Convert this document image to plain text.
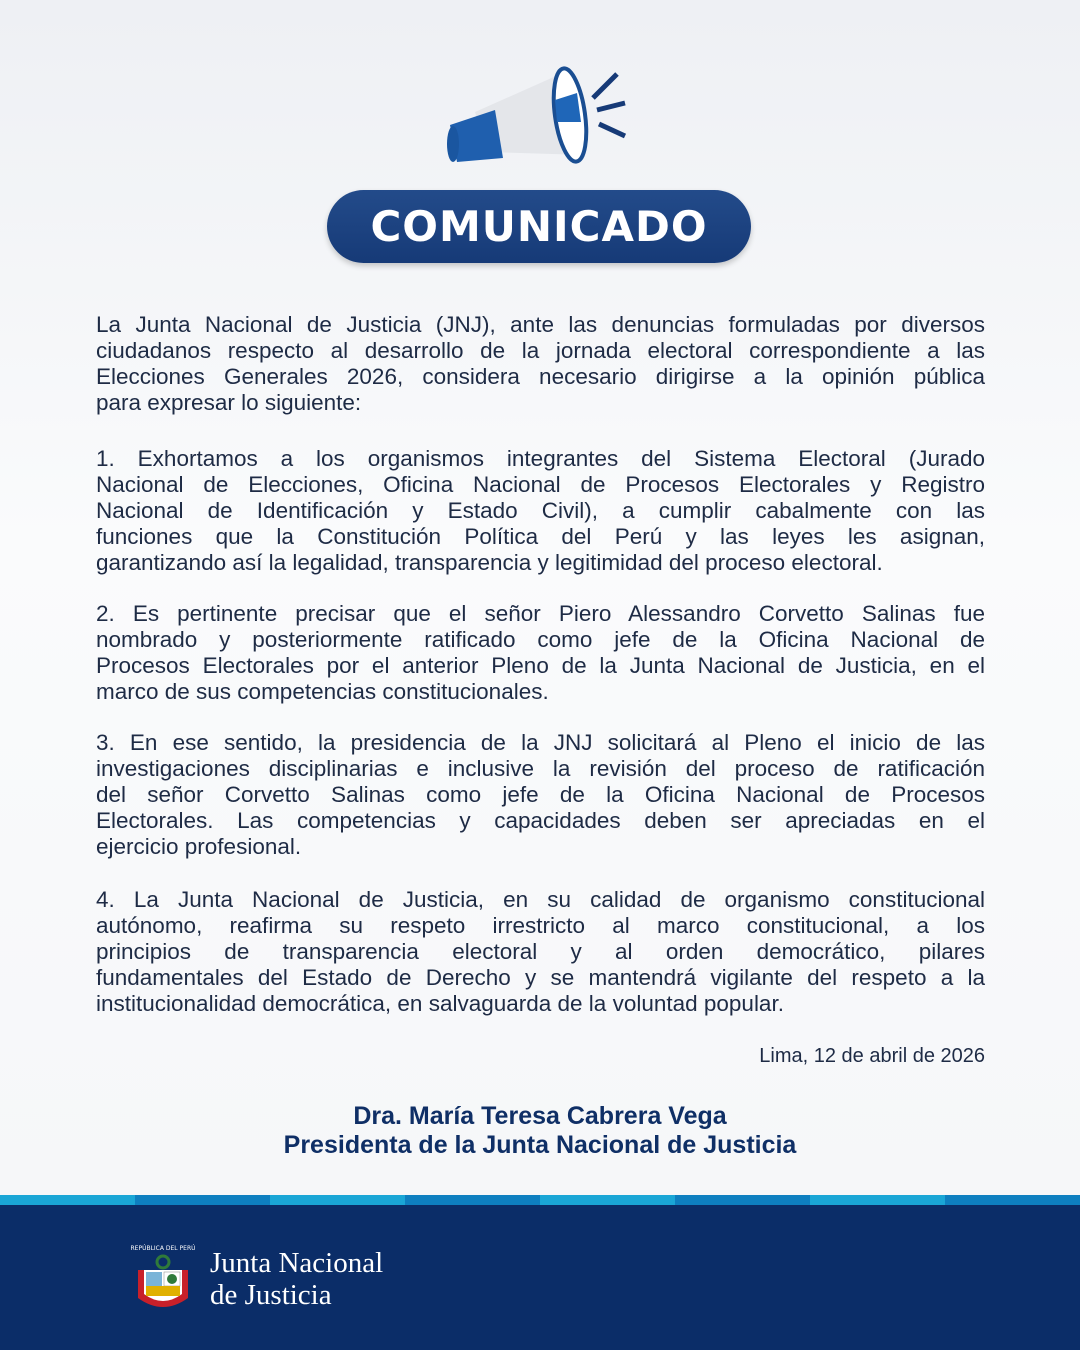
COMUNICADO
La Junta Nacional de Justicia (JNJ), ante las denuncias formuladas por diversos
ciudadanos respecto al desarrollo de la jornada electoral correspondiente a las
Elecciones Generales 2026, considera necesario dirigirse a la opinión pública
para expresar lo siguiente:
1. Exhortamos a los organismos integrantes del Sistema Electoral (Jurado
Nacional de Elecciones, Oficina Nacional de Procesos Electorales y Registro
Nacional de Identificación y Estado Civil), a cumplir cabalmente con las
funciones que la Constitución Política del Perú y las leyes les asignan,
garantizando así la legalidad, transparencia y legitimidad del proceso electoral.
2. Es pertinente precisar que el señor Piero Alessandro Corvetto Salinas fue
nombrado y posteriormente ratificado como jefe de la Oficina Nacional de
Procesos Electorales por el anterior Pleno de la Junta Nacional de Justicia, en el
marco de sus competencias constitucionales.
3. En ese sentido, la presidencia de la JNJ solicitará al Pleno el inicio de las
investigaciones disciplinarias e inclusive la revisión del proceso de ratificación
del señor Corvetto Salinas como jefe de la Oficina Nacional de Procesos
Electorales. Las competencias y capacidades deben ser apreciadas en el
ejercicio profesional.
4. La Junta Nacional de Justicia, en su calidad de organismo constitucional
autónomo, reafirma su respeto irrestricto al marco constitucional, a los
principios de transparencia electoral y al orden democrático, pilares
fundamentales del Estado de Derecho y se mantendrá vigilante del respeto a la
institucionalidad democrática, en salvaguarda de la voluntad popular.
Lima, 12 de abril de 2026
Dra. María Teresa Cabrera Vega
Presidenta de la Junta Nacional de Justicia
REPÚBLICA DEL PERÚ Junta Nacional
de Justicia
